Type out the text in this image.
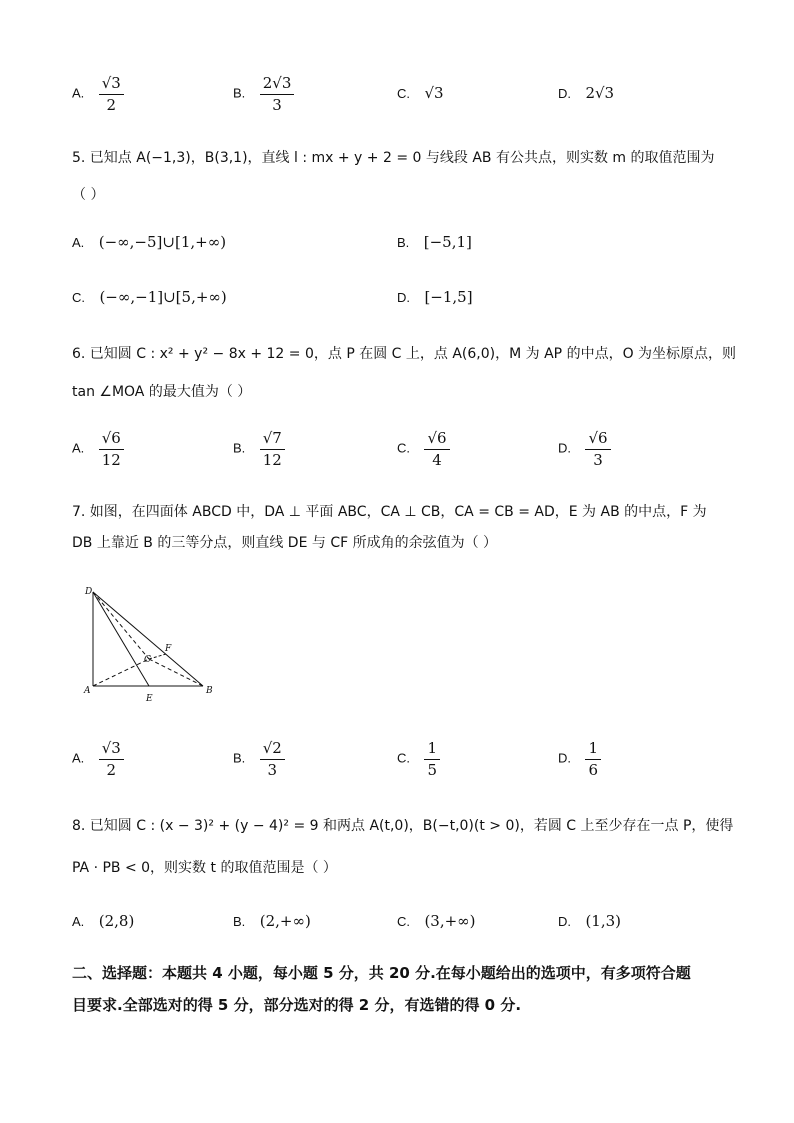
A. $\frac{√3}{2}$	B. $\frac{2√3}{3}$	C. √3	D. 2√3
5. 已知点 A(−1,3)，B(3,1)，直线 l : mx + y + 2 = 0 与线段 AB 有公共点，则实数 m 的取值范围为
（ ）
A. (−∞,−5]∪[1,+∞)	B. [−5,1]
C. (−∞,−1]∪[5,+∞)	D. [−1,5]
6. 已知圆 C : x² + y² − 8x + 12 = 0，点 P 在圆 C 上，点 A(6,0)，M 为 AP 的中点，O 为坐标原点，则
tan ∠MOA 的最大值为（ ）
A. $\frac{√6}{12}$	B. $\frac{√7}{12}$	C. $\frac{√6}{4}$	D. $\frac{√6}{3}$
7. 如图，在四面体 ABCD 中，DA ⊥ 平面 ABC，CA ⊥ CB，CA = CB = AD，E 为 AB 的中点，F 为
DB 上靠近 B 的三等分点，则直线 DE 与 CF 所成角的余弦值为（ ）
D
A	B
C
E
F
A. $\frac{√3}{2}$	B. $\frac{√2}{3}$	C. $\frac{1}{5}$	D. $\frac{1}{6}$
8. 已知圆 C : (x − 3)² + (y − 4)² = 9 和两点 A(t,0)，B(−t,0)(t > 0)，若圆 C 上至少存在一点 P，使得
PA · PB < 0，则实数 t 的取值范围是（ ）
A. (2,8)	B. (2,+∞)	C. (3,+∞)	D. (1,3)
二、选择题：本题共 4 小题，每小题 5 分，共 20 分.在每小题给出的选项中，有多项符合题
目要求.全部选对的得 5 分，部分选对的得 2 分，有选错的得 0 分.
